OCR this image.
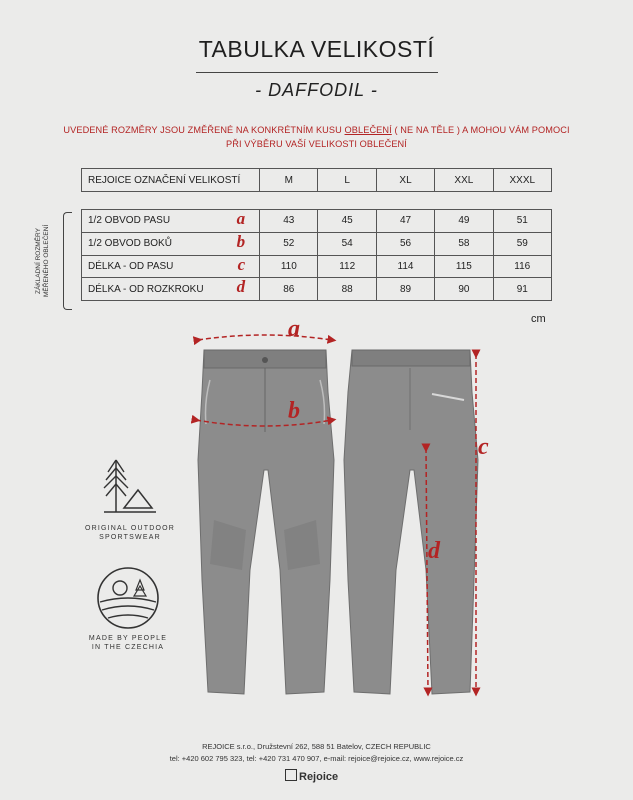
TABULKA VELIKOSTÍ
- DAFFODIL -
UVEDENÉ ROZMĚRY JSOU ZMĚŘENÉ NA KONKRÉTNÍM KUSU OBLEČENÍ ( NE NA TĚLE ) A MOHOU VÁM POMOCI
PŘI VÝBĚRU VAŠÍ VELIKOSTI OBLEČENÍ
REJOICE OZNAČENÍ VELIKOSTÍ	M	L	XL	XXL	XXXL
1/2 OBVOD PASU a	43	45	47	49	51
1/2 OBVOD BOKŮ b	52	54	56	58	59
DÉLKA - OD PASU c	110	112	114	115	116
DÉLKA - OD ROZKROKU d	86	88	89	90	91
ZÁKLADNÍ ROZMĚRY MĚŘENÉHO OBLEČENÍ
cm
a
b
c
d
ORIGINAL OUTDOOR
SPORTSWEAR
MADE BY PEOPLE
IN THE CZECHIA
REJOICE s.r.o., Družstevní 262, 588 51 Batelov, CZECH REPUBLIC
tel: +420 602 795 323, tel: +420 731 470 907, e-mail: rejoice@rejoice.cz, www.rejoice.cz
Rejoice
